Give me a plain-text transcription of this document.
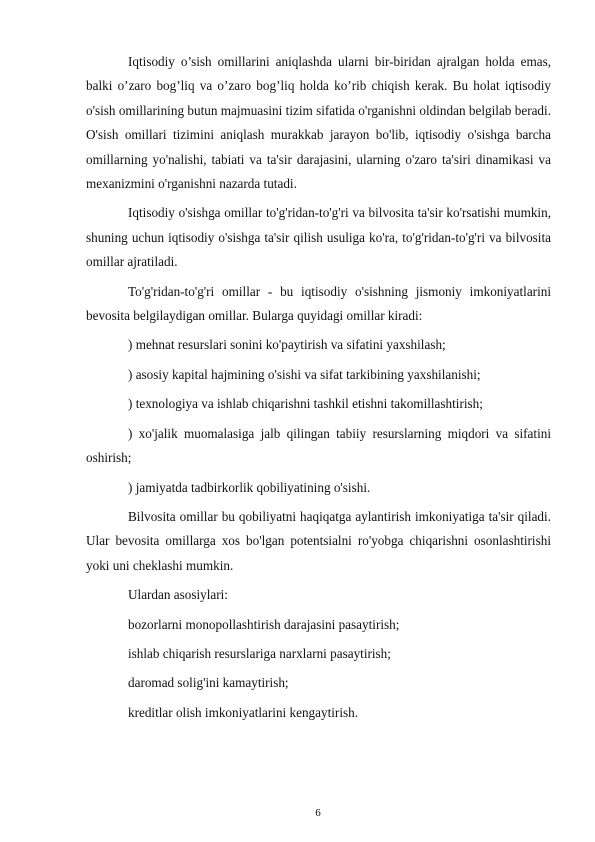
Iqtisodiy o’sish omillarini aniqlashda ularni bir-biridan ajralgan holda emas, balki o’zaro bog’liq va o’zaro bog’liq holda ko’rib chiqish kerak. Bu holat iqtisodiy o'sish omillarining butun majmuasini tizim sifatida o'rganishni oldindan belgilab beradi. O'sish omillari tizimini aniqlash murakkab jarayon bo'lib, iqtisodiy o'sishga barcha omillarning yo'nalishi, tabiati va ta'sir darajasini, ularning o'zaro ta'siri dinamikasi va mexanizmini o'rganishni nazarda tutadi.

Iqtisodiy o'sishga omillar to'g'ridan-to'g'ri va bilvosita ta'sir ko'rsatishi mumkin, shuning uchun iqtisodiy o'sishga ta'sir qilish usuliga ko'ra, to'g'ridan-to'g'ri va bilvosita omillar ajratiladi.

To'g'ridan-to'g'ri omillar - bu iqtisodiy o'sishning jismoniy imkoniyatlarini bevosita belgilaydigan omillar. Bularga quyidagi omillar kiradi:

) mehnat resurslari sonini ko'paytirish va sifatini yaxshilash;

) asosiy kapital hajmining o'sishi va sifat tarkibining yaxshilanishi;

) texnologiya va ishlab chiqarishni tashkil etishni takomillashtirish;

) xo'jalik muomalasiga jalb qilingan tabiiy resurslarning miqdori va sifatini oshirish;

) jamiyatda tadbirkorlik qobiliyatining o'sishi.

Bilvosita omillar bu qobiliyatni haqiqatga aylantirish imkoniyatiga ta'sir qiladi. Ular bevosita omillarga xos bo'lgan potentsialni ro'yobga chiqarishni osonlashtirishi yoki uni cheklashi mumkin.

Ulardan asosiylari:

bozorlarni monopollashtirish darajasini pasaytirish;

ishlab chiqarish resurslariga narxlarni pasaytirish;

daromad solig'ini kamaytirish;

kreditlar olish imkoniyatlarini kengaytirish.

6
